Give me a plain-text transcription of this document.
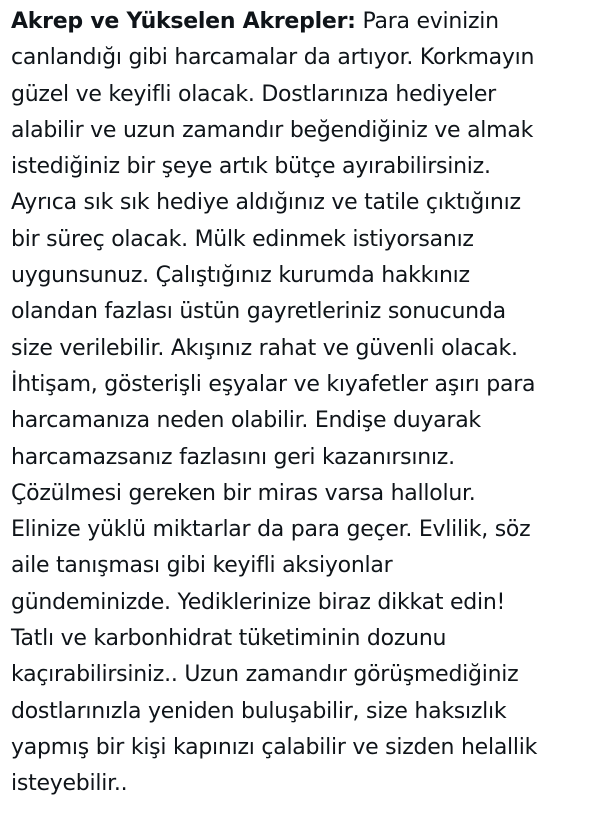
Akrep ve Yükselen Akrepler: Para evinizin
canlandığı gibi harcamalar da artıyor. Korkmayın
güzel ve keyifli olacak. Dostlarınıza hediyeler
alabilir ve uzun zamandır beğendiğiniz ve almak
istediğiniz bir şeye artık bütçe ayırabilirsiniz.
Ayrıca sık sık hediye aldığınız ve tatile çıktığınız
bir süreç olacak. Mülk edinmek istiyorsanız
uygunsunuz. Çalıştığınız kurumda hakkınız
olandan fazlası üstün gayretleriniz sonucunda
size verilebilir. Akışınız rahat ve güvenli olacak.
İhtişam, gösterişli eşyalar ve kıyafetler aşırı para
harcamanıza neden olabilir. Endişe duyarak
harcamazsanız fazlasını geri kazanırsınız.
Çözülmesi gereken bir miras varsa hallolur.
Elinize yüklü miktarlar da para geçer. Evlilik, söz
aile tanışması gibi keyifli aksiyonlar
gündeminizde. Yediklerinize biraz dikkat edin!
Tatlı ve karbonhidrat tüketiminin dozunu
kaçırabilirsiniz.. Uzun zamandır görüşmediğiniz
dostlarınızla yeniden buluşabilir, size haksızlık
yapmış bir kişi kapınızı çalabilir ve sizden helallik
isteyebilir..
